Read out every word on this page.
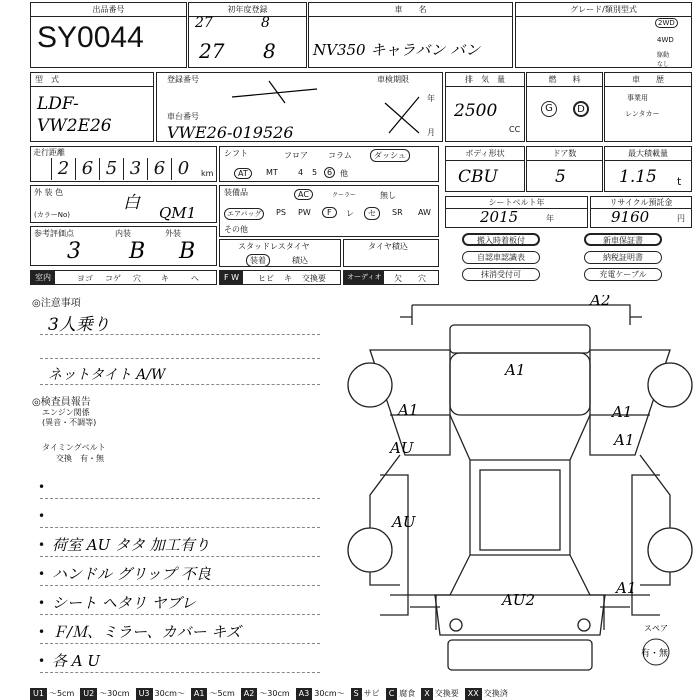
出品番号
SY0044
初年度登録
27	8
27 8
車　　名
NV350 キャラバン バン
グレード/類別型式
2WD
4WD
駆動
なし
型　式
LDF-VW2E26
登録番号	車検期限
年
月
車台番号
VWE26-019526
排　気　量
2500
CC
燃　　料
G	D
車　　歴
事業用
レンタカー
走行距離
2 6 5 3 6 0	km
シフト	フロア	コラム	ダッシュ
AT	MT	4 5	6 他
ボディ形状
CBU
ドア数
5
最大積載量
1.15 t
外 装 色
(カラーNo)
白 QM1
装備品	AC	クーラー	無し
エアバッグ	PS PW	F	レ	セ	SR AW
その他
シートベルト年
2015	年
リサイクル預託金
9160	円
参考評価点	内装	外装
3 B B	スタッドレスタイヤ
装着	積込
タイヤ積込
搬入時着板付	新車保証書
自認車認識表	納税証明書
抹消受付可	充電ケーブル
室内	ヨゴ コゲ 穴	キ	へ	F W	ヒビ キ 交換要	オーディオ	欠 穴
◎注意事項
3人乗り
ネットタイト A/W
◎検査員報告
エンジン関係
(異音・不調等)
タイミングベルト
交換　有・無
•
•
• 荷室 AU タタ 加工有り
• ハンドル グリップ 不良
• シート ヘタリ ヤブレ
• Ｆ/Ｍ、ミラー、カバー キズ
• 各 A U
A1
A1	A1
AU
AU
A1
A1
AU2
A2
スペア
有・無
U1 〜5cm U2 〜30cm U3 30cm〜 A1 〜5cm A2 〜30cm A3 30cm〜 S サビ C 腐食 X 交換要 XX 交換済
